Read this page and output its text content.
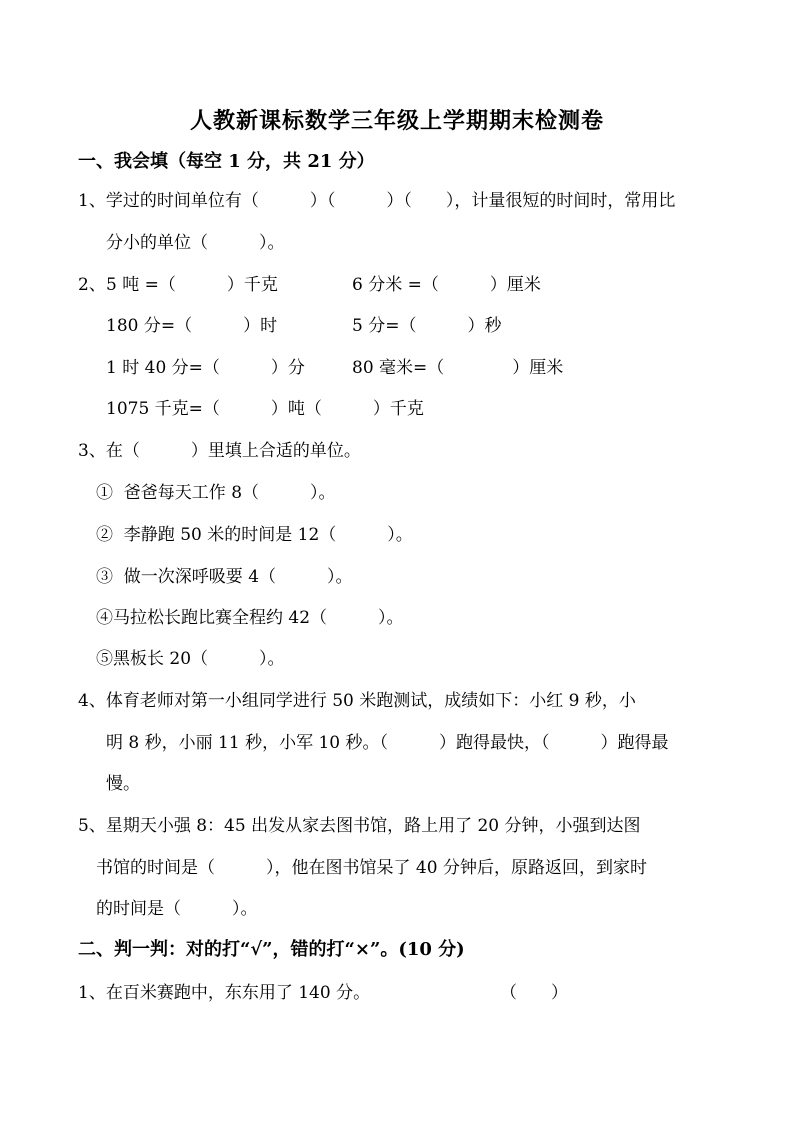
人教新课标数学三年级上学期期末检测卷
一、我会填（每空 1 分，共 21 分）
1、学过的时间单位有（　　　）（　　　）（　　），计量很短的时间时，常用比
分小的单位（　　　）。
2、 5 吨 =（　　　）千克	6 分米 =（　　　）厘米
180 分=（　　　）时	5 分=（　　　）秒
1 时 40 分=（　　　）分	80 毫米=（　　　　）厘米
1075 千克=（　　　）吨（　　　）千克
3、在（　　　）里填上合适的单位。
①  爸爸每天工作 8（　　　）。
②  李静跑 50 米的时间是 12（　　　）。
③  做一次深呼吸要 4（　　　）。
④马拉松长跑比赛全程约 42（　　　）。
⑤黑板长 20（　　　）。
4、体育老师对第一小组同学进行 50 米跑测试，成绩如下：小红 9 秒，小
明 8 秒，小丽 11 秒，小军 10 秒。（　　　）跑得最快，（　　　）跑得最
慢。
5、星期天小强 8：45 出发从家去图书馆，路上用了 20 分钟，小强到达图
书馆的时间是（　　　），他在图书馆呆了 40 分钟后，原路返回，到家时
的时间是（　　　）。
二、判一判：对的打“√”，错的打“×”。(10 分)
1、在百米赛跑中，东东用了 140 分。	（　　）
